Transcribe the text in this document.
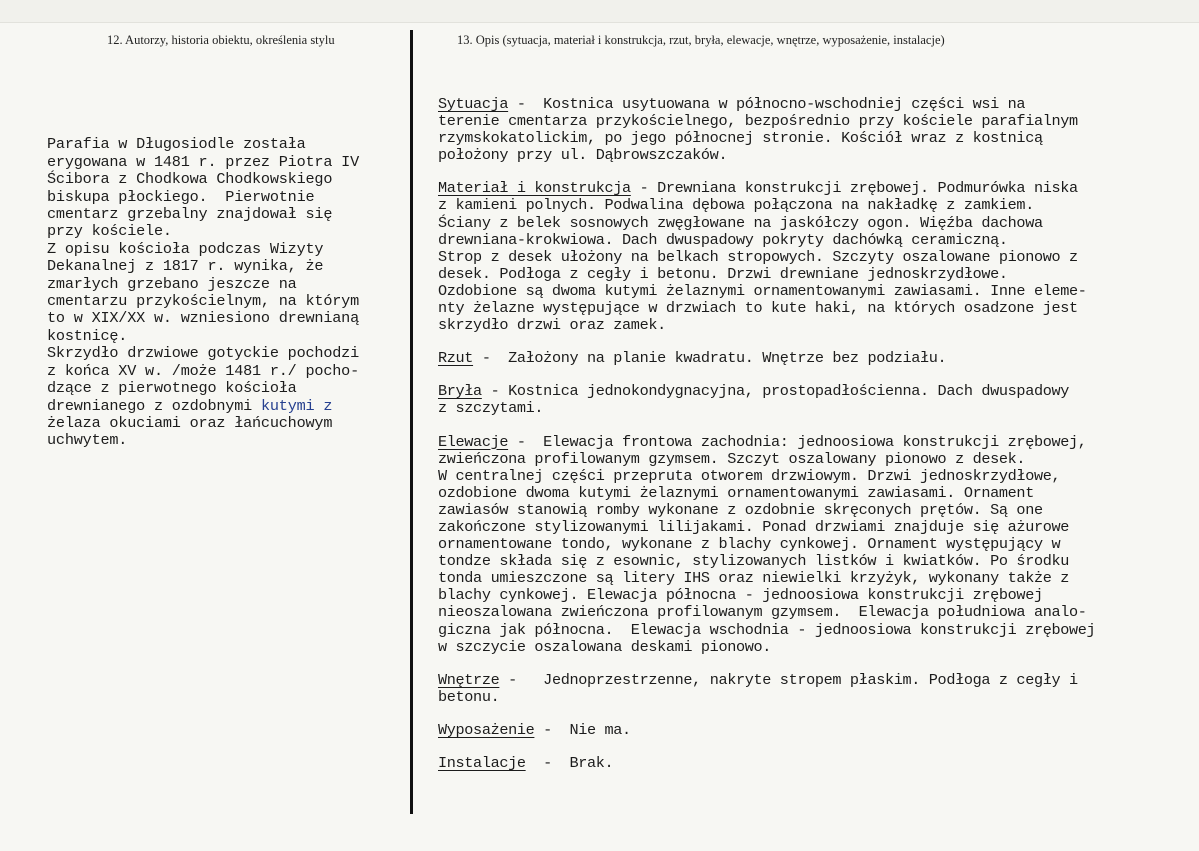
12. Autorzy, historia obiektu, określenia stylu	13. Opis (sytuacja, materiał i konstrukcja, rzut, bryła, elewacje, wnętrze, wyposażenie, instalacje)

Parafia w Długosiodle została
erygowana w 1481 r. przez Piotra IV
Ścibora z Chodkowa Chodkowskiego
biskupa płockiego.  Pierwotnie
cmentarz grzebalny znajdował się
przy kościele.
Z opisu kościoła podczas Wizyty
Dekanalnej z 1817 r. wynika, że
zmarłych grzebano jeszcze na
cmentarzu przykościelnym, na którym
to w XIX/XX w. wzniesiono drewnianą
kostnicę.
Skrzydło drzwiowe gotyckie pochodzi
z końca XV w. /może 1481 r./ pocho-
dzące z pierwotnego kościoła
drewnianego z ozdobnymi kutymi z
żelaza okuciami oraz łańcuchowym
uchwytem.

Sytuacja -  Kostnica usytuowana w północno-wschodniej części wsi na
terenie cmentarza przykościelnego, bezpośrednio przy kościele parafialnym
rzymskokatolickim, po jego północnej stronie. Kościół wraz z kostnicą
położony przy ul. Dąbrowszczaków.
Materiał i konstrukcja - Drewniana konstrukcji zrębowej. Podmurówka niska
z kamieni polnych. Podwalina dębowa połączona na nakładkę z zamkiem.
Ściany z belek sosnowych zwęgłowane na jaskółczy ogon. Więźba dachowa
drewniana-krokwiowa. Dach dwuspadowy pokryty dachówką ceramiczną.
Strop z desek ułożony na belkach stropowych. Szczyty oszalowane pionowo z
desek. Podłoga z cegły i betonu. Drzwi drewniane jednoskrzydłowe.
Ozdobione są dwoma kutymi żelaznymi ornamentowanymi zawiasami. Inne eleme-
nty żelazne występujące w drzwiach to kute haki, na których osadzone jest
skrzydło drzwi oraz zamek.
Rzut -  Założony na planie kwadratu. Wnętrze bez podziału.
Bryła - Kostnica jednokondygnacyjna, prostopadłościenna. Dach dwuspadowy
z szczytami.
Elewacje -  Elewacja frontowa zachodnia: jednoosiowa konstrukcji zrębowej,
zwieńczona profilowanym gzymsem. Szczyt oszalowany pionowo z desek.
W centralnej części przepruta otworem drzwiowym. Drzwi jednoskrzydłowe,
ozdobione dwoma kutymi żelaznymi ornamentowanymi zawiasami. Ornament
zawiasów stanowią romby wykonane z ozdobnie skręconych prętów. Są one
zakończone stylizowanymi lilijakami. Ponad drzwiami znajduje się ażurowe
ornamentowane tondo, wykonane z blachy cynkowej. Ornament występujący w
tondze składa się z esownic, stylizowanych listków i kwiatków. Po środku
tonda umieszczone są litery IHS oraz niewielki krzyżyk, wykonany także z
blachy cynkowej. Elewacja północna - jednoosiowa konstrukcji zrębowej
nieoszalowana zwieńczona profilowanym gzymsem.  Elewacja południowa analo-
giczna jak północna.  Elewacja wschodnia - jednoosiowa konstrukcji zrębowej
w szczycie oszalowana deskami pionowo.
Wnętrze -   Jednoprzestrzenne, nakryte stropem płaskim. Podłoga z cegły i
betonu.
Wyposażenie -  Nie ma.
Instalacje  -  Brak.
